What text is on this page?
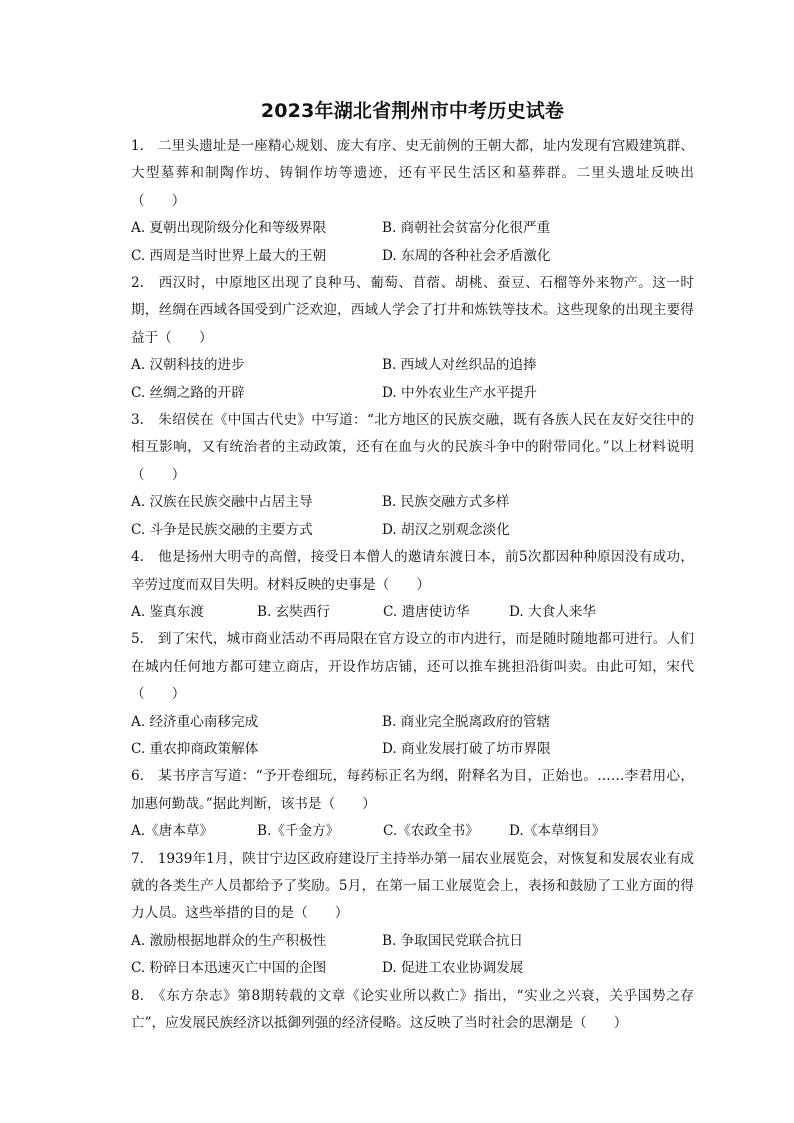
2023年湖北省荆州市中考历史试卷

1.　二里头遗址是一座精心规划、庞大有序、史无前例的王朝大都，址内发现有宫殿建筑群、大型墓葬和制陶作坊、铸铜作坊等遗迹，还有平民生活区和墓葬群。二里头遗址反映出（　　）

A. 夏朝出现阶级分化和等级界限	B. 商朝社会贫富分化很严重
C. 西周是当时世界上最大的王朝	D. 东周的各种社会矛盾激化

2.　西汉时，中原地区出现了良种马、葡萄、苜蓿、胡桃、蚕豆、石榴等外来物产。这一时期，丝绸在西域各国受到广泛欢迎，西域人学会了打井和炼铁等技术。这些现象的出现主要得益于（　　）

A. 汉朝科技的进步	B. 西域人对丝织品的追捧
C. 丝绸之路的开辟	D. 中外农业生产水平提升

3.　朱绍侯在《中国古代史》中写道：“北方地区的民族交融，既有各族人民在友好交往中的相互影响，又有统治者的主动政策，还有在血与火的民族斗争中的附带同化。”以上材料说明（　　）

A. 汉族在民族交融中占居主导	B. 民族交融方式多样
C. 斗争是民族交融的主要方式	D. 胡汉之别观念淡化

4.　他是扬州大明寺的高僧，接受日本僧人的邀请东渡日本，前5次都因种种原因没有成功，辛劳过度而双目失明。材料反映的史事是（　　）

A. 鉴真东渡	B. 玄奘西行	C. 遣唐使访华	D. 大食人来华

5.　到了宋代，城市商业活动不再局限在官方设立的市内进行，而是随时随地都可进行。人们在城内任何地方都可建立商店，开设作坊店铺，还可以推车挑担沿街叫卖。由此可知，宋代（　　）

A. 经济重心南移完成	B. 商业完全脱离政府的管辖
C. 重农抑商政策解体	D. 商业发展打破了坊市界限

6.　某书序言写道：“予开卷细玩，每药标正名为纲，附释名为目，正始也。……李君用心，加惠何勤哉。”据此判断，该书是（　　）

A.《唐本草》	B.《千金方》	C.《农政全书》	D.《本草纲目》

7.　1939年1月，陕甘宁边区政府建设厅主持举办第一届农业展览会，对恢复和发展农业有成就的各类生产人员都给予了奖励。5月，在第一届工业展览会上，表扬和鼓励了工业方面的得力人员。这些举措的目的是（　　）

A. 激励根据地群众的生产积极性	B. 争取国民党联合抗日
C. 粉碎日本迅速灭亡中国的企图	D. 促进工农业协调发展

8.　《东方杂志》第8期转载的文章《论实业所以救亡》指出，“实业之兴衰，关乎国势之存亡”，应发展民族经济以抵御列强的经济侵略。这反映了当时社会的思潮是（　　）
